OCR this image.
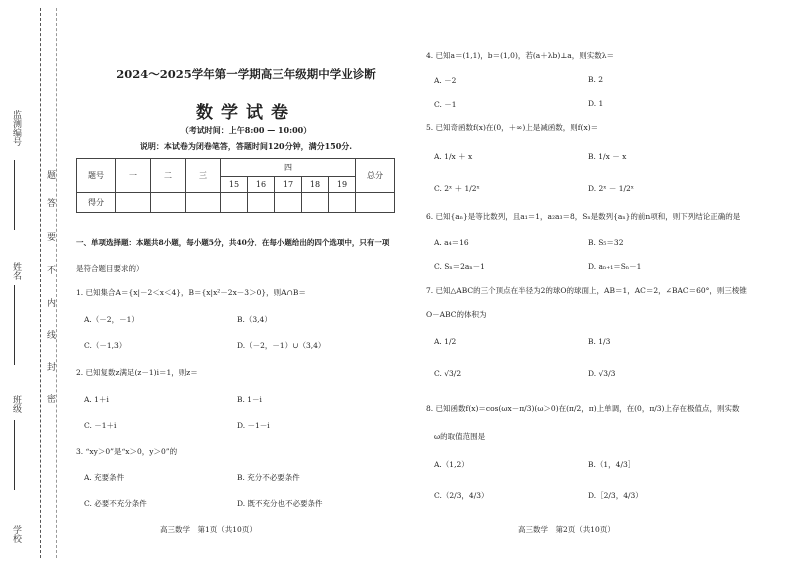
监测编号
姓名
班级
学校
题
答
要
不
内
线
封
密
2024～2025学年第一学期高三年级期中学业诊断
数学试卷
（考试时间：上午8:00 — 10:00）
说明：本试卷为闭卷笔答，答题时间120分钟，满分150分.
题号	一	二	三	四					总分
				15	16	17	18	19	
得分									
一、单项选择题：本题共8小题，每小题5分，共40分．在每小题给出的四个选项中，只有一项
是符合题目要求的）
1. 已知集合A＝{x|－2＜x＜4}，B＝{x|x²－2x－3＞0}，则A∩B＝
A.（－2，－1）	B.（3,4）
C.（－1,3）	D.（－2，－1）∪（3,4）
2. 已知复数z满足(z－1)i＝1，则z＝
A. 1＋i	B. 1－i
C. －1＋i	D. －1－i
3. “xy＞0”是“x＞0，y＞0”的
A. 充要条件	B. 充分不必要条件
C. 必要不充分条件	D. 既不充分也不必要条件
高三数学　第1页（共10页）
4. 已知a＝(1,1)，b＝(1,0)，若(a＋λb)⊥a，则实数λ＝
A. －2	B. 2
C. －1	D. 1
5. 已知奇函数f(x)在(0，＋∞)上是减函数，则f(x)＝
A. 1/x ＋ x	B. 1/x － x
C. 2ˣ ＋ 1/2ˣ	D. 2ˣ － 1/2ˣ
6. 已知{aₙ}是等比数列，且a₁＝1，a₂a₃＝8，Sₙ是数列{aₙ}的前n项和，则下列结论正确的是
A. a₄＝16	B. S₅＝32
C. Sₙ＝2aₙ－1	D. aₙ₊₁＝Sₙ－1
7. 已知△ABC的三个顶点在半径为2的球O的球面上，AB＝1，AC＝2，∠BAC＝60°，则三棱锥
O－ABC的体积为
A. 1/2	B. 1/3
C. √3/2	D. √3/3
8. 已知函数f(x)＝cos(ωx－π/3)(ω＞0)在(π/2，π)上单调，在(0，π/3)上存在极值点，则实数
ω的取值范围是
A.（1,2）	B.（1，4/3］
C.（2/3，4/3）	D.［2/3，4/3）
高三数学　第2页（共10页）
